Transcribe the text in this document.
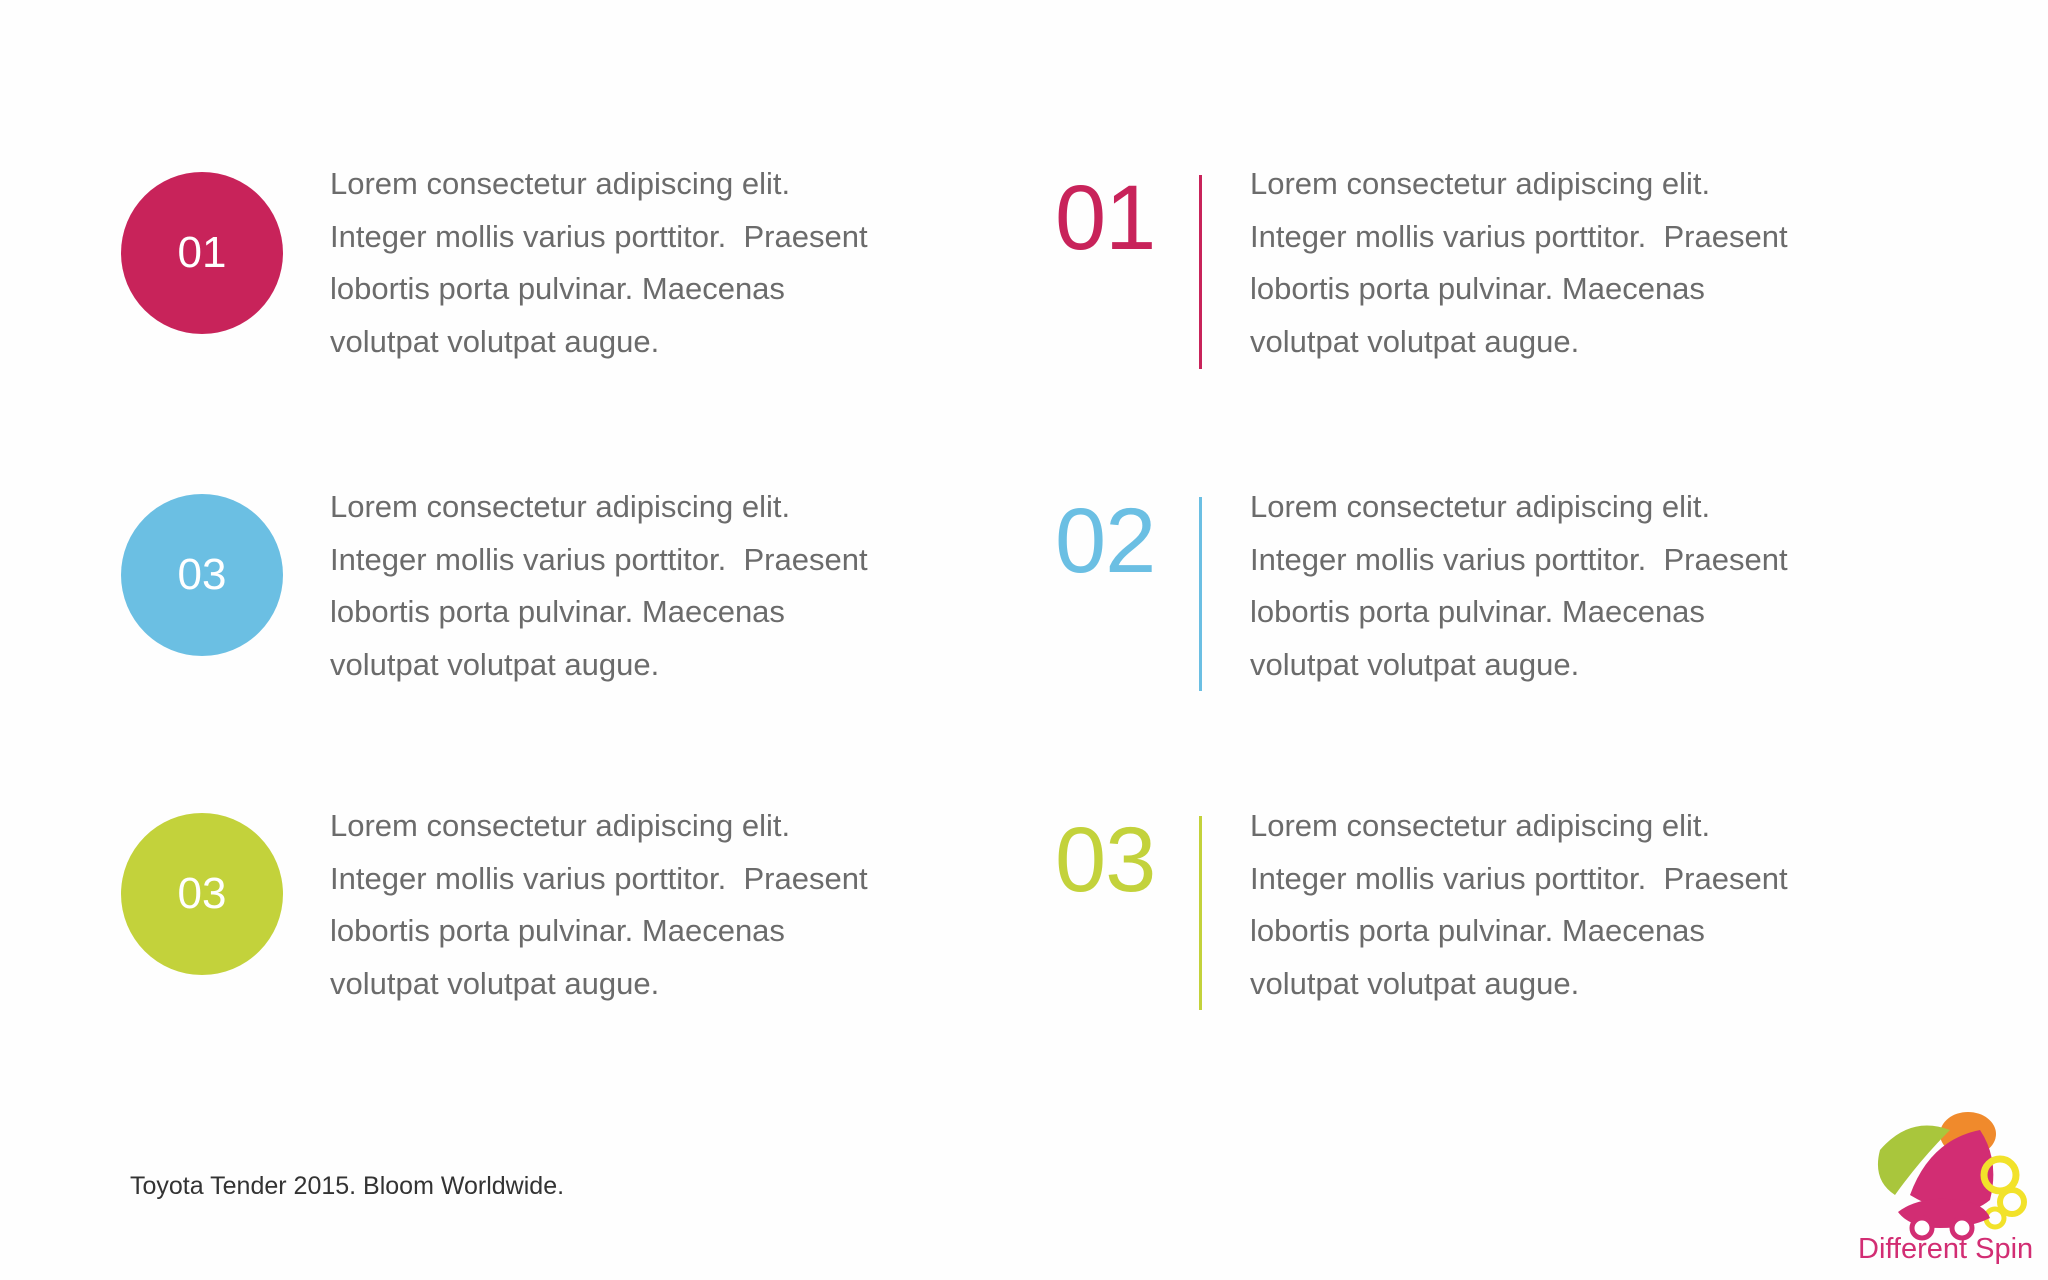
01
Lorem consectetur adipiscing elit.
Integer mollis varius porttitor.  Praesent
lobortis porta pulvinar. Maecenas
volutpat volutpat augue.
03
Lorem consectetur adipiscing elit.
Integer mollis varius porttitor.  Praesent
lobortis porta pulvinar. Maecenas
volutpat volutpat augue.
03
Lorem consectetur adipiscing elit.
Integer mollis varius porttitor.  Praesent
lobortis porta pulvinar. Maecenas
volutpat volutpat augue.
01	Lorem consectetur adipiscing elit.
Integer mollis varius porttitor.  Praesent
lobortis porta pulvinar. Maecenas
volutpat volutpat augue.
02	Lorem consectetur adipiscing elit.
Integer mollis varius porttitor.  Praesent
lobortis porta pulvinar. Maecenas
volutpat volutpat augue.
03	Lorem consectetur adipiscing elit.
Integer mollis varius porttitor.  Praesent
lobortis porta pulvinar. Maecenas
volutpat volutpat augue.
Toyota Tender 2015. Bloom Worldwide.
Different Spin
